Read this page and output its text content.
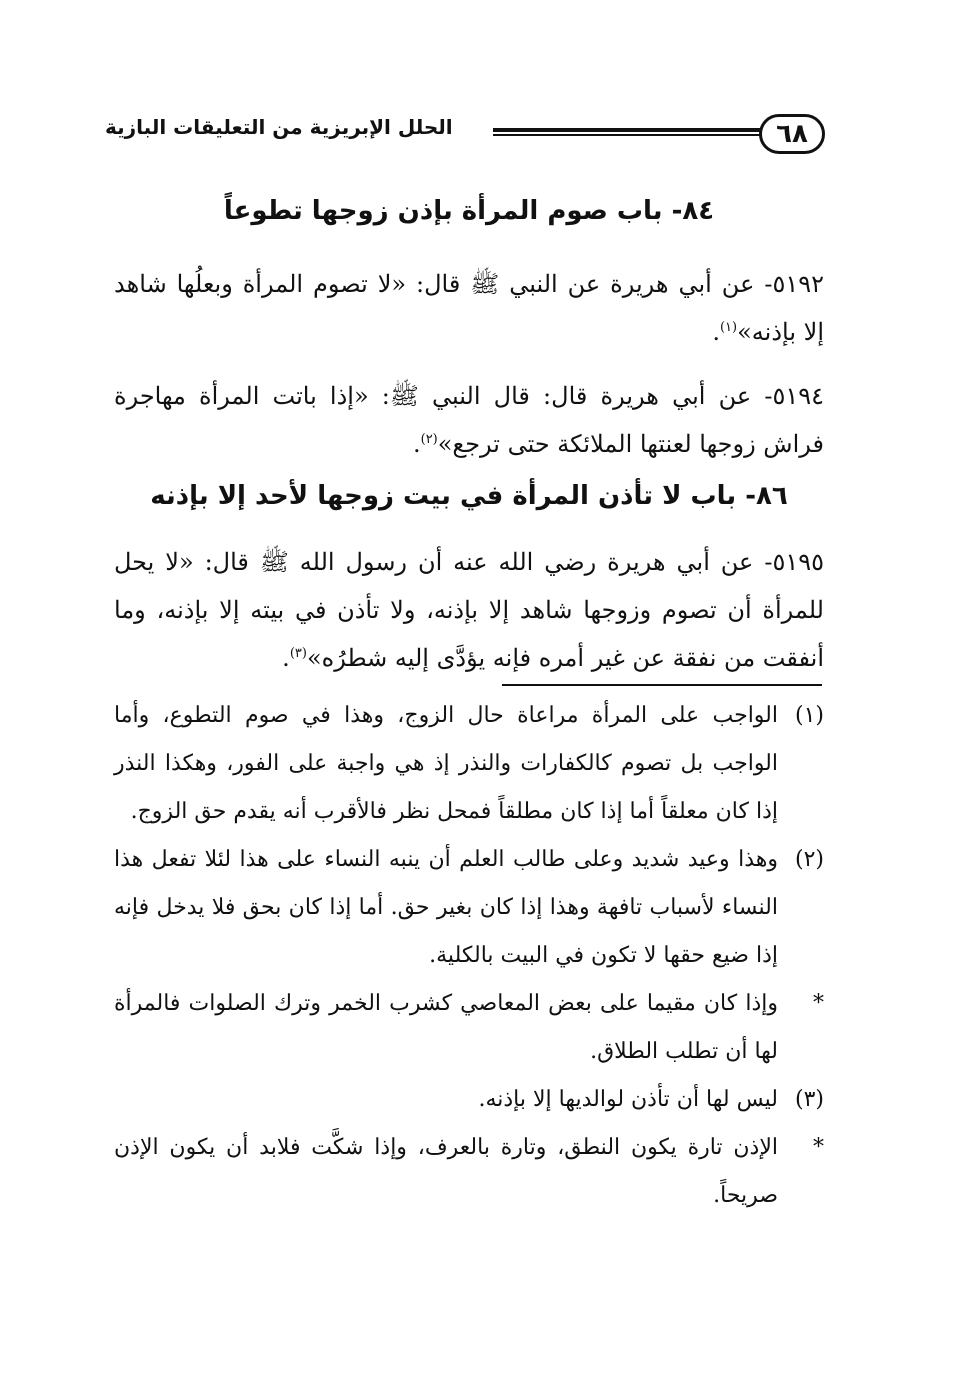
٦٨
الحلل الإبريزية من التعليقات البازية
٨٤- باب صوم المرأة بإذن زوجها تطوعاً
٥١٩٢- عن أبي هريرة عن النبي ﷺ قال: «لا تصوم المرأة وبعلُها شاهد إلا بإذنه»$^{(١)}$.
٥١٩٤- عن أبي هريرة قال: قال النبي ﷺ: «إذا باتت المرأة مهاجرة فراش زوجها لعنتها الملائكة حتى ترجع»$^{(٢)}$.
٨٦- باب لا تأذن المرأة في بيت زوجها لأحد إلا بإذنه
٥١٩٥- عن أبي هريرة رضي الله عنه أن رسول الله ﷺ قال: «لا يحل للمرأة أن تصوم وزوجها شاهد إلا بإذنه، ولا تأذن في بيته إلا بإذنه، وما أنفقت من نفقة عن غير أمره فإنه يؤدَّى إليه شطرُه»$^{(٣)}$.
(١)
الواجب على المرأة مراعاة حال الزوج، وهذا في صوم التطوع، وأما الواجب بل تصوم كالكفارات والنذر إذ هي واجبة على الفور، وهكذا النذر إذا كان معلقاً أما إذا كان مطلقاً فمحل نظر فالأقرب أنه يقدم حق الزوج.
(٢)
وهذا وعيد شديد وعلى طالب العلم أن ينبه النساء على هذا لئلا تفعل هذا النساء لأسباب تافهة وهذا إذا كان بغير حق. أما إذا كان بحق فلا يدخل فإنه إذا ضيع حقها لا تكون في البيت بالكلية.
*
وإذا كان مقيما على بعض المعاصي كشرب الخمر وترك الصلوات فالمرأة لها أن تطلب الطلاق.
(٣)
ليس لها أن تأذن لوالديها إلا بإذنه.
*
الإذن تارة يكون النطق، وتارة بالعرف، وإذا شكَّت فلابد أن يكون الإذن صريحاً.
